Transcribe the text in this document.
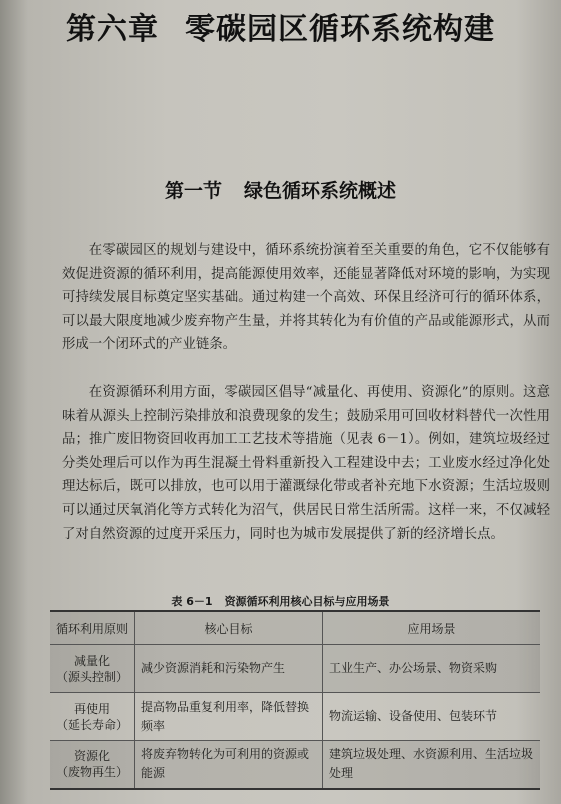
第六章 零碳园区循环系统构建
第一节 绿色循环系统概述

在零碳园区的规划与建设中，循环系统扮演着至关重要的角色，它不仅能够有效促进资源的循环利用，提高能源使用效率，还能显著降低对环境的影响，为实现可持续发展目标奠定坚实基础。通过构建一个高效、环保且经济可行的循环体系，可以最大限度地减少废弃物产生量，并将其转化为有价值的产品或能源形式，从而形成一个闭环式的产业链条。

在资源循环利用方面，零碳园区倡导“减量化、再使用、资源化”的原则。这意味着从源头上控制污染排放和浪费现象的发生；鼓励采用可回收材料替代一次性用品；推广废旧物资回收再加工工艺技术等措施（见表 6－1）。例如，建筑垃圾经过分类处理后可以作为再生混凝土骨料重新投入工程建设中去；工业废水经过净化处理达标后，既可以排放，也可以用于灌溉绿化带或者补充地下水资源；生活垃圾则可以通过厌氧消化等方式转化为沼气，供居民日常生活所需。这样一来，不仅减轻了对自然资源的过度开采压力，同时也为城市发展提供了新的经济增长点。

表 6－1 资源循环利用核心目标与应用场景
循环利用原则	核心目标	应用场景

减量化
（源头控制）	减少资源消耗和污染物产生	工业生产、办公场景、物资采购

再使用
（延长寿命）	提高物品重复利用率，降低替换频率	物流运输、设备使用、包装环节

资源化
（废物再生）	将废弃物转化为可利用的资源或能源	建筑垃圾处理、水资源利用、生活垃圾处理
